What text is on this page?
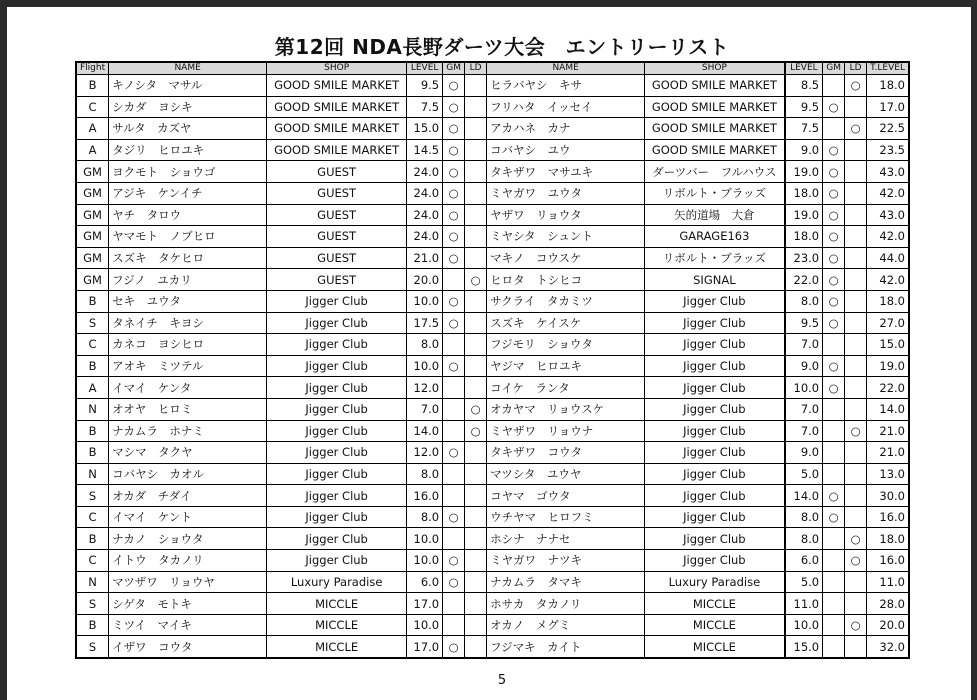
第12回 NDA長野ダーツ大会　エントリーリスト
Flight	NAME	SHOP	LEVEL	GM	LD	NAME	SHOP	LEVEL	GM	LD	T.LEVEL
B	キノシタ　マサル	GOOD SMILE MARKET	9.5	○		ヒラバヤシ　キサ	GOOD SMILE MARKET	8.5		○	18.0
C	シカダ　ヨシキ	GOOD SMILE MARKET	7.5	○		フリハタ　イッセイ	GOOD SMILE MARKET	9.5	○		17.0
A	サルタ　カズヤ	GOOD SMILE MARKET	15.0	○		アカハネ　カナ	GOOD SMILE MARKET	7.5		○	22.5
A	タジリ　ヒロユキ	GOOD SMILE MARKET	14.5	○		コバヤシ　ユウ	GOOD SMILE MARKET	9.0	○		23.5
GM	ヨクモト　ショウゴ	GUEST	24.0	○		タキザワ　マサユキ	ダーツバー　フルハウス	19.0	○		43.0
GM	アジキ　ケンイチ	GUEST	24.0	○		ミヤガワ　ユウタ	リボルト・ブラッズ	18.0	○		42.0
GM	ヤチ　タロウ	GUEST	24.0	○		ヤザワ　リョウタ	矢的道場　大倉	19.0	○		43.0
GM	ヤマモト　ノブヒロ	GUEST	24.0	○		ミヤシタ　シュント	GARAGE163	18.0	○		42.0
GM	スズキ　タケヒロ	GUEST	21.0	○		マキノ　コウスケ	リボルト・ブラッズ	23.0	○		44.0
GM	フジノ　ユカリ	GUEST	20.0		○	ヒロタ　トシヒコ	SIGNAL	22.0	○		42.0
B	セキ　ユウタ	Jigger Club	10.0	○		サクライ　タカミツ	Jigger Club	8.0	○		18.0
S	タネイチ　キヨシ	Jigger Club	17.5	○		スズキ　ケイスケ	Jigger Club	9.5	○		27.0
C	カネコ　ヨシヒロ	Jigger Club	8.0			フジモリ　ショウタ	Jigger Club	7.0			15.0
B	アオキ　ミツテル	Jigger Club	10.0	○		ヤジマ　ヒロユキ	Jigger Club	9.0	○		19.0
A	イマイ　ケンタ	Jigger Club	12.0			コイケ　ランタ	Jigger Club	10.0	○		22.0
N	オオヤ　ヒロミ	Jigger Club	7.0		○	オカヤマ　リョウスケ	Jigger Club	7.0			14.0
B	ナカムラ　ホナミ	Jigger Club	14.0		○	ミヤザワ　リョウナ	Jigger Club	7.0		○	21.0
B	マシマ　タクヤ	Jigger Club	12.0	○		タキザワ　コウタ	Jigger Club	9.0			21.0
N	コバヤシ　カオル	Jigger Club	8.0			マツシタ　ユウヤ	Jigger Club	5.0			13.0
S	オカダ　チダイ	Jigger Club	16.0			コヤマ　ゴウタ	Jigger Club	14.0	○		30.0
C	イマイ　ケント	Jigger Club	8.0	○		ウチヤマ　ヒロフミ	Jigger Club	8.0	○		16.0
B	ナカノ　ショウタ	Jigger Club	10.0			ホシナ　ナナセ	Jigger Club	8.0		○	18.0
C	イトウ　タカノリ	Jigger Club	10.0	○		ミヤガワ　ナツキ	Jigger Club	6.0		○	16.0
N	マツザワ　リョウヤ	Luxury Paradise	6.0	○		ナカムラ　タマキ	Luxury Paradise	5.0			11.0
S	シゲタ　モトキ	MICCLE	17.0			ホサカ　タカノリ	MICCLE	11.0			28.0
B	ミツイ　マイキ	MICCLE	10.0			オカノ　メグミ	MICCLE	10.0		○	20.0
S	イザワ　コウタ	MICCLE	17.0	○		フジマキ　カイト	MICCLE	15.0			32.0
5
